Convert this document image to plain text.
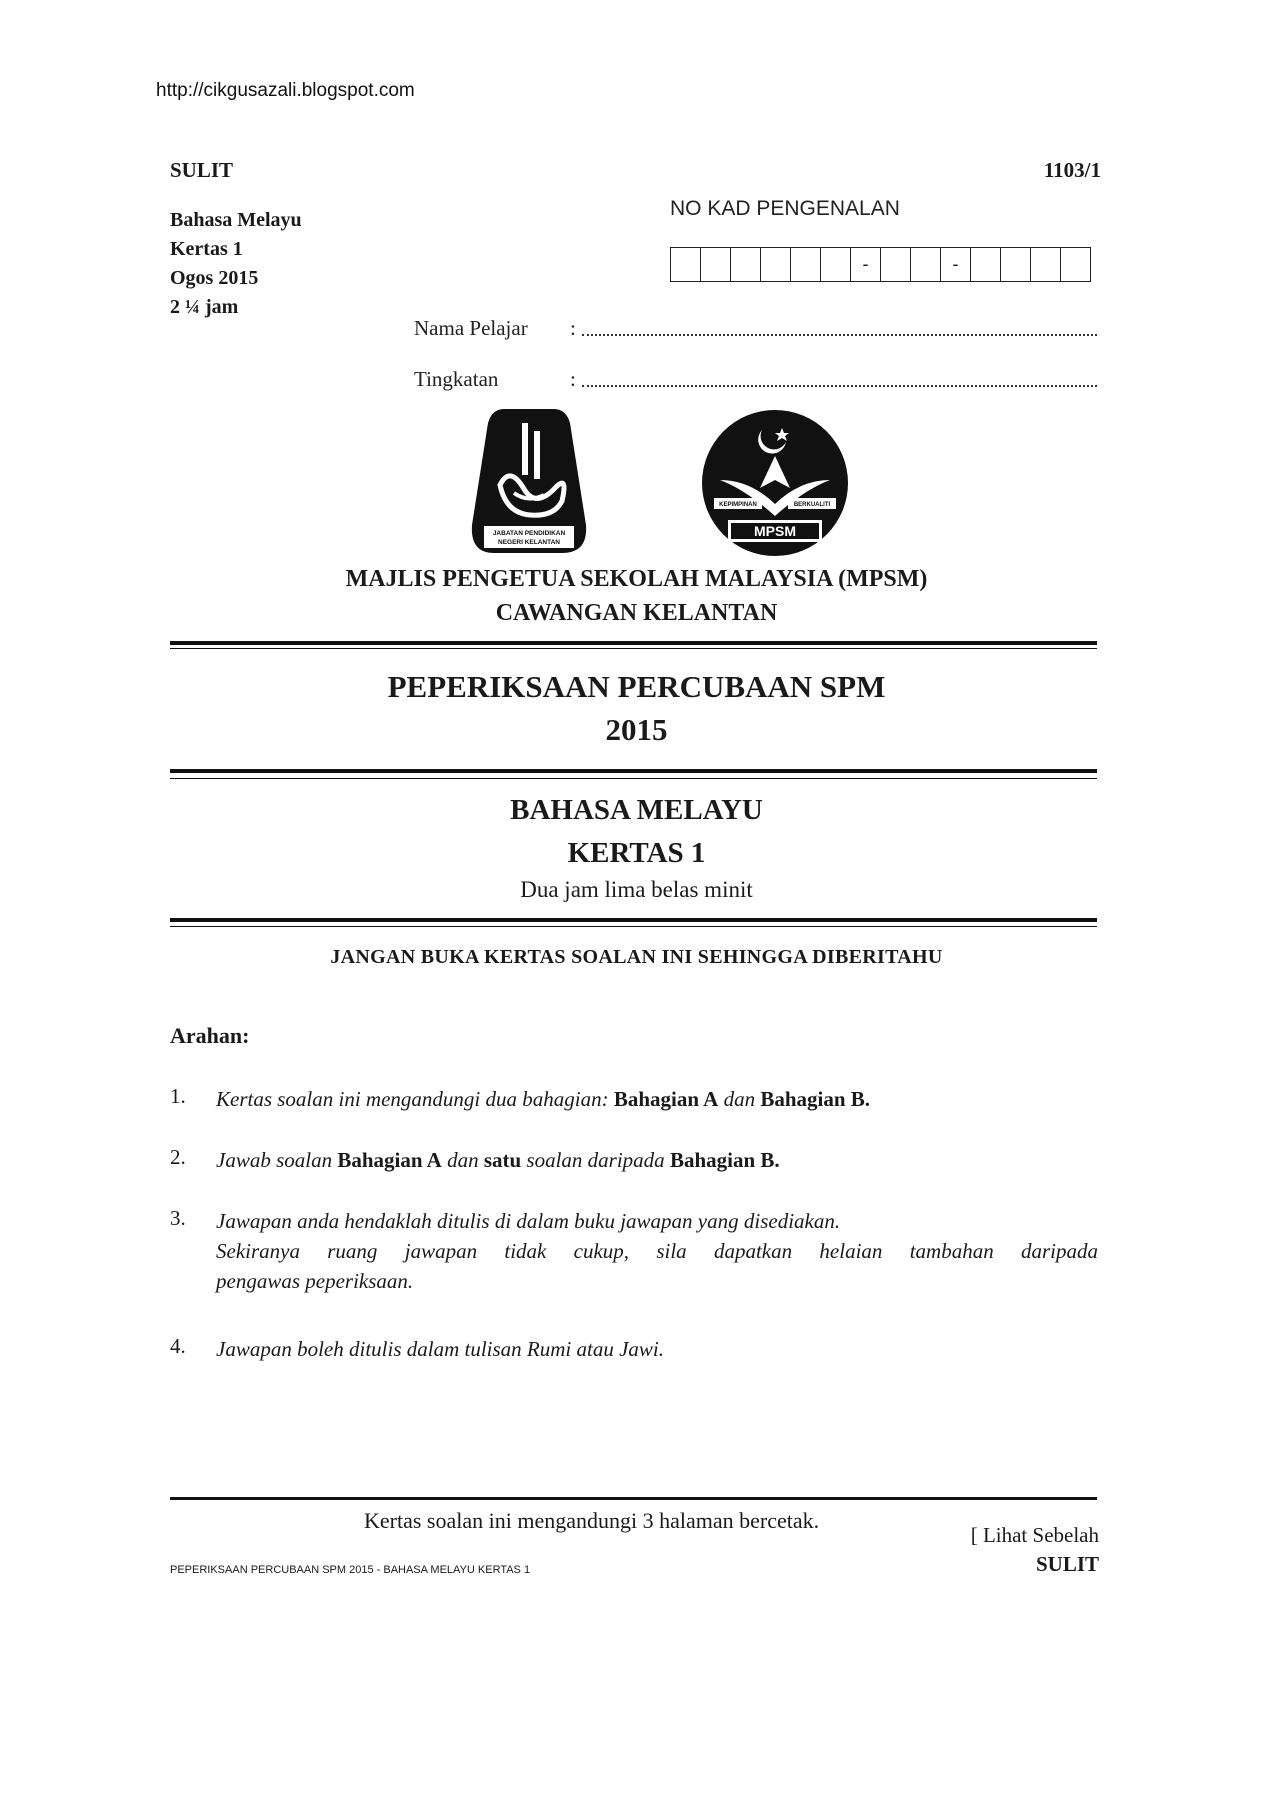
http://cikgusazali.blogspot.com
SULIT	1103/1
Bahasa Melayu
Kertas 1
Ogos 2015
2 ¼ jam
NO KAD PENGENALAN
-	-
Nama Pelajar :
Tingkatan	:
JABATAN PENDIDIKAN
NEGERI KELANTAN
KEPIMPINAN	BERKUALITI
MPSM
MAJLIS PENGETUA SEKOLAH MALAYSIA (MPSM)
CAWANGAN KELANTAN
PEPERIKSAAN PERCUBAAN SPM
2015
BAHASA MELAYU
KERTAS 1
Dua jam lima belas minit
JANGAN BUKA KERTAS SOALAN INI SEHINGGA DIBERITAHU
Arahan:
1. Kertas soalan ini mengandungi dua bahagian: Bahagian A dan Bahagian B.
2. Jawab soalan Bahagian A dan satu soalan daripada Bahagian B.
3. Jawapan anda hendaklah ditulis di dalam buku jawapan yang disediakan.
Sekiranya ruang jawapan tidak cukup, sila dapatkan helaian tambahan daripada
pengawas peperiksaan.
4. Jawapan boleh ditulis dalam tulisan Rumi atau Jawi.
Kertas soalan ini mengandungi 3 halaman bercetak.
[ Lihat Sebelah
SULIT
PEPERIKSAAN PERCUBAAN SPM 2015 - BAHASA MELAYU KERTAS 1
